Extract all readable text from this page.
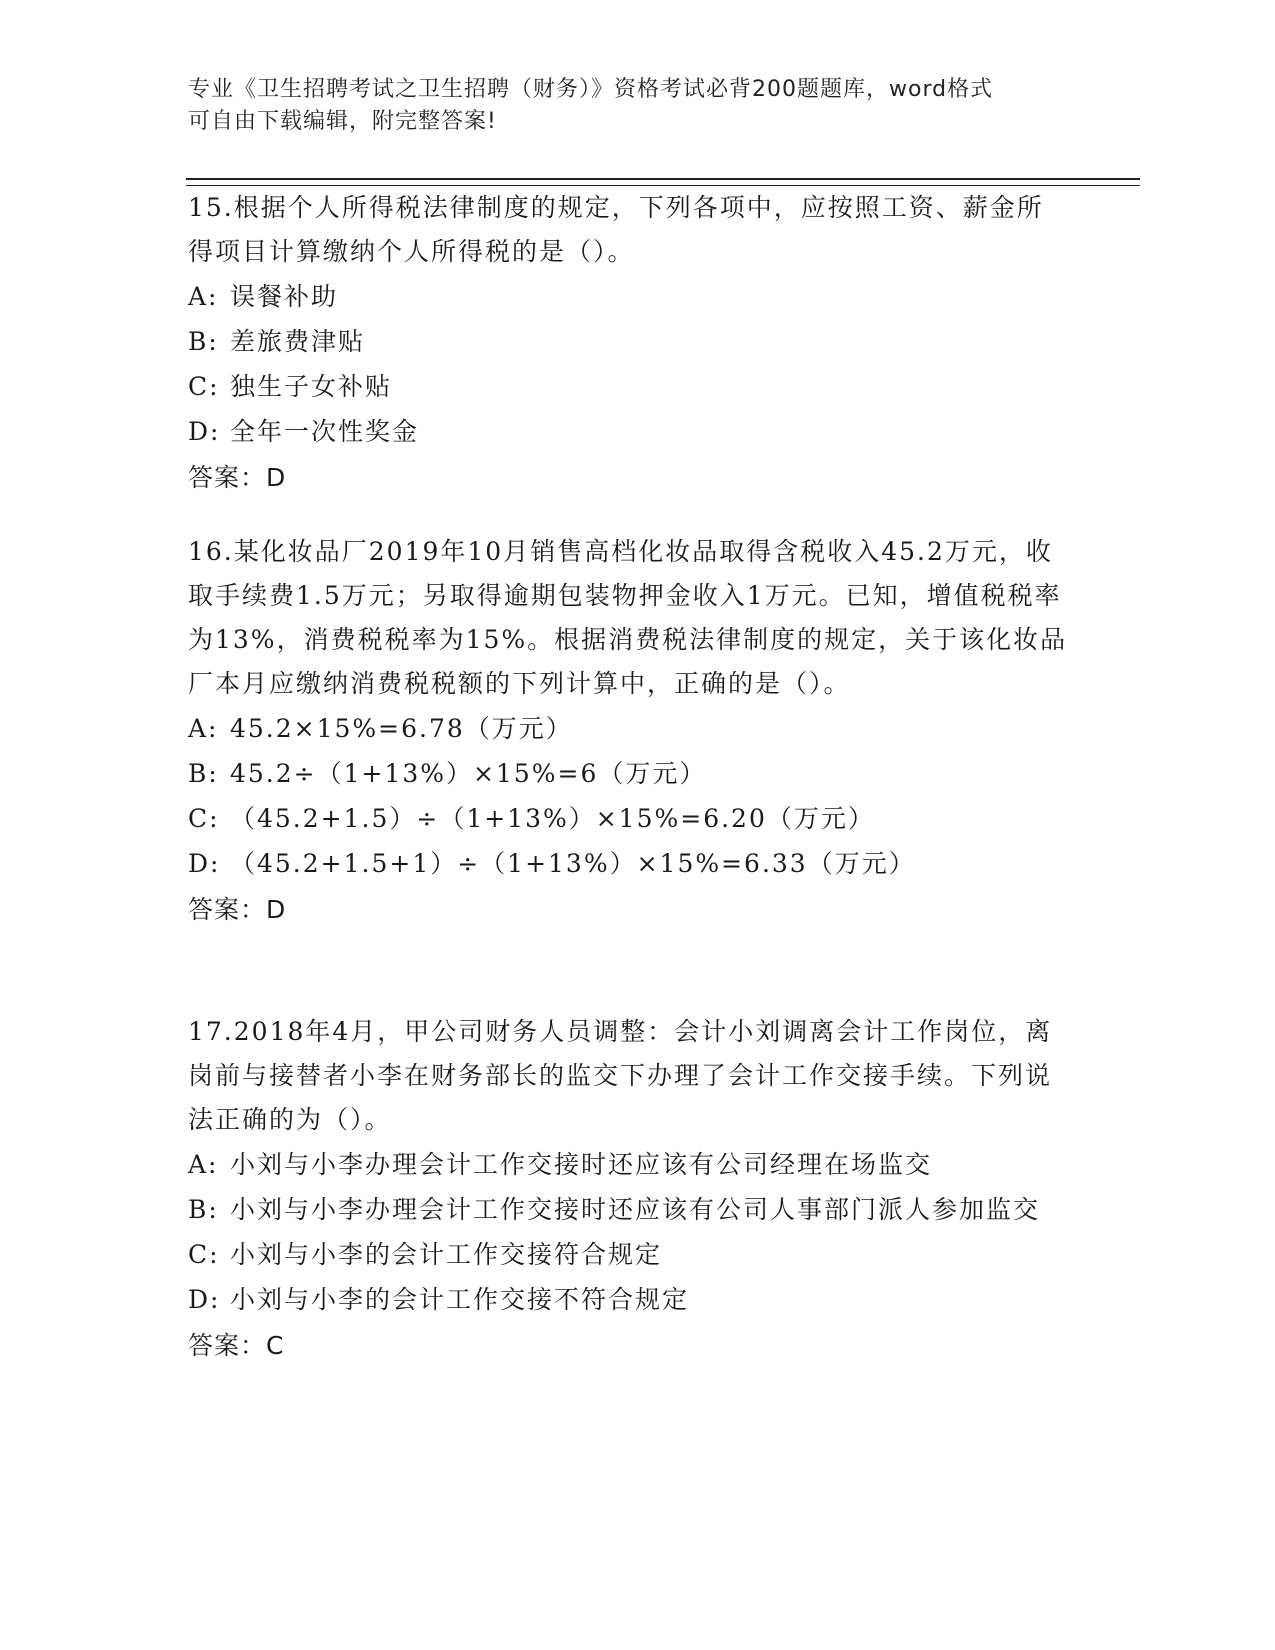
专业《卫生招聘考试之卫生招聘（财务）》资格考试必背200题题库，word格式
可自由下载编辑，附完整答案!
15.根据个人所得税法律制度的规定，下列各项中，应按照工资、薪金所得项目计算缴纳个人所得税的是（）。
A: 误餐补助
B: 差旅费津贴
C: 独生子女补贴
D: 全年一次性奖金
答案：D
16.某化妆品厂2019年10月销售高档化妆品取得含税收入45.2万元，收取手续费1.5万元；另取得逾期包装物押金收入1万元。已知，增值税税率为13%，消费税税率为15%。根据消费税法律制度的规定，关于该化妆品厂本月应缴纳消费税税额的下列计算中，正确的是（）。
A: 45.2×15%=6.78（万元）
B: 45.2÷（1+13%）×15%=6（万元）
C: （45.2+1.5）÷（1+13%）×15%=6.20（万元）
D: （45.2+1.5+1）÷（1+13%）×15%=6.33（万元）
答案：D
17.2018年4月，甲公司财务人员调整：会计小刘调离会计工作岗位，离岗前与接替者小李在财务部长的监交下办理了会计工作交接手续。下列说法正确的为（）。
A: 小刘与小李办理会计工作交接时还应该有公司经理在场监交
B: 小刘与小李办理会计工作交接时还应该有公司人事部门派人参加监交
C: 小刘与小李的会计工作交接符合规定
D: 小刘与小李的会计工作交接不符合规定
答案：C
